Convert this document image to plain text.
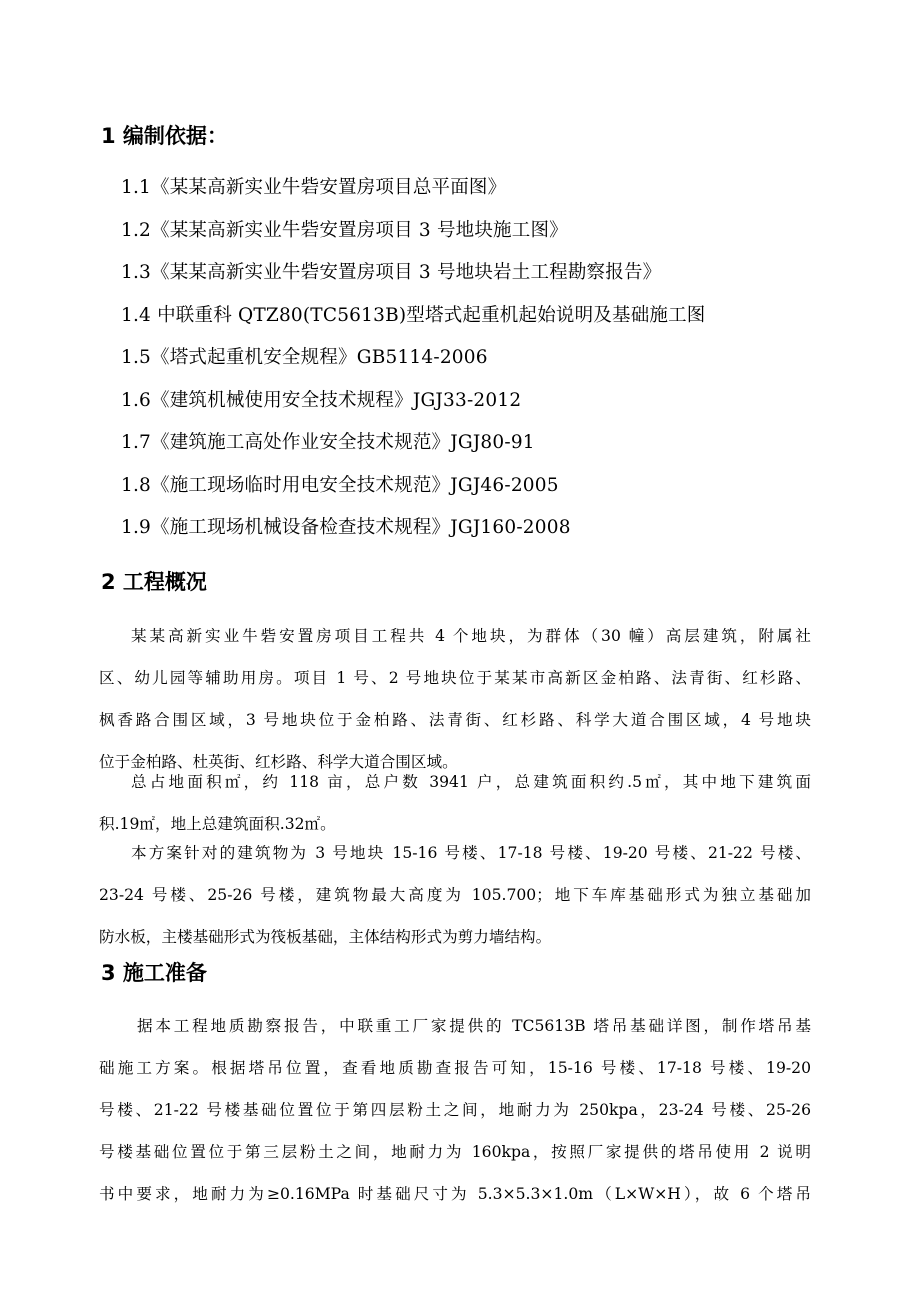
1 编制依据：
1.1《某某高新实业牛砦安置房项目总平面图》
1.2《某某高新实业牛砦安置房项目 3 号地块施工图》
1.3《某某高新实业牛砦安置房项目 3 号地块岩土工程勘察报告》
1.4 中联重科 QTZ80(TC5613B)型塔式起重机起始说明及基础施工图
1.5《塔式起重机安全规程》GB5114-2006
1.6《建筑机械使用安全技术规程》JGJ33-2012
1.7《建筑施工高处作业安全技术规范》JGJ80-91
1.8《施工现场临时用电安全技术规范》JGJ46-2005
1.9《施工现场机械设备检查技术规程》JGJ160-2008
2 工程概况
某某高新实业牛砦安置房项目工程共 4 个地块，为群体（30 幢）高层建筑，附属社
区、幼儿园等辅助用房。项目 1 号、2 号地块位于某某市高新区金柏路、法青街、红杉路、
枫香路合围区域，3 号地块位于金柏路、法青街、红杉路、科学大道合围区域，4 号地块
位于金柏路、杜英街、红杉路、科学大道合围区域。
总占地面积㎡，约 118 亩，总户数 3941 户，总建筑面积约.5㎡，其中地下建筑面
积.19㎡，地上总建筑面积.32㎡。
本方案针对的建筑物为 3 号地块 15-16 号楼、17-18 号楼、19-20 号楼、21-22 号楼、
23-24 号楼、25-26 号楼，建筑物最大高度为 105.700；地下车库基础形式为独立基础加
防水板，主楼基础形式为筏板基础，主体结构形式为剪力墙结构。
3 施工准备
据本工程地质勘察报告，中联重工厂家提供的 TC5613B 塔吊基础详图，制作塔吊基
础施工方案。根据塔吊位置，查看地质勘查报告可知，15-16 号楼、17-18 号楼、19-20
号楼、21-22 号楼基础位置位于第四层粉土之间，地耐力为 250kpa，23-24 号楼、25-26
号楼基础位置位于第三层粉土之间，地耐力为 160kpa，按照厂家提供的塔吊使用 2 说明
书中要求，地耐力为≥0.16MPa 时基础尺寸为 5.3×5.3×1.0m（L×W×H），故 6 个塔吊
